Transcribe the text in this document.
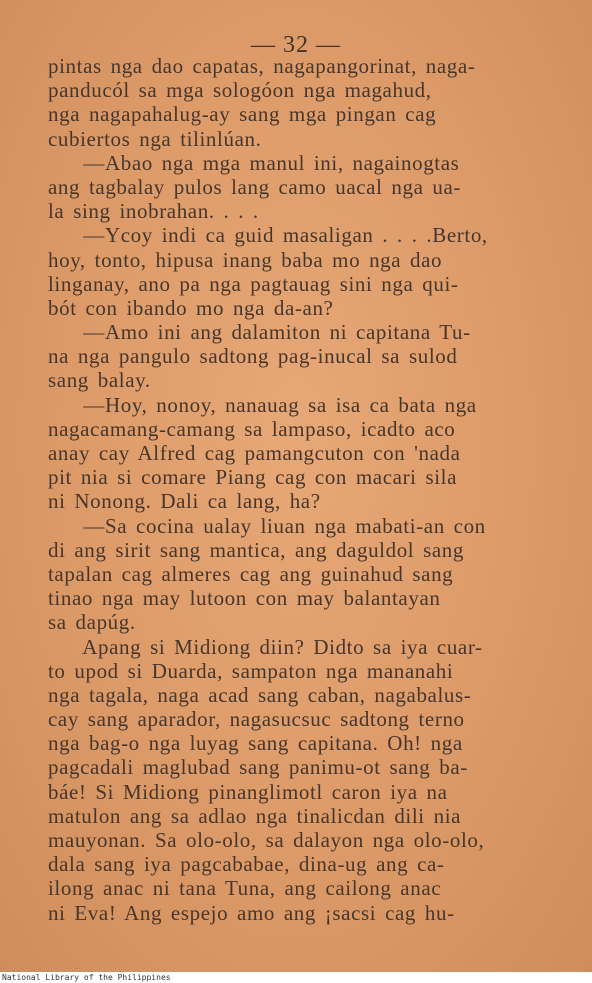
— 32 —
pintas nga dao capatas, nagapangorinat, naga-
panducól sa mga sologóon nga magahud,
nga nagapahalug-ay sang mga pingan cag
cubiertos nga tilinlúan.
—Abao nga mga manul ini, nagainogtas
ang tagbalay pulos lang camo uacal nga ua-
la sing inobrahan. . . .
—Ycoy indi ca guid masaligan . . . .Berto,
hoy, tonto, hipusa inang baba mo nga dao
linganay, ano pa nga pagtauag sini nga qui-
bót con ibando mo nga da-an?
—Amo ini ang dalamiton ni capitana Tu-
na nga pangulo sadtong pag-inucal sa sulod
sang balay.
—Hoy, nonoy, nanauag sa isa ca bata nga
nagacamang-camang sa lampaso, icadto aco
anay cay Alfred cag pamangcuton con 'nada
pit nia si comare Piang cag con macari sila
ni Nonong. Dali ca lang, ha?
—Sa cocina ualay liuan nga mabati-an con
di ang sirit sang mantica, ang daguldol sang
tapalan cag almeres cag ang guinahud sang
tinao nga may lutoon con may balantayan
sa dapúg.
Apang si Midiong diin? Didto sa iya cuar-
to upod si Duarda, sampaton nga mananahi
nga tagala, naga acad sang caban, nagabalus-
cay sang aparador, nagasucsuc sadtong terno
nga bag-o nga luyag sang capitana. Oh! nga
pagcadali maglubad sang panimu-ot sang ba-
báe! Si Midiong pinanglimotl caron iya na
matulon ang sa adlao nga tinalicdan dili nia
mauyonan. Sa olo-olo, sa dalayon nga olo-olo,
dala sang iya pagcababae, dina-ug ang ca-
ilong anac ni tana Tuna, ang cailong anac
ni Eva! Ang espejo amo ang ¡sacsi cag hu-
National Library of the Philippines
